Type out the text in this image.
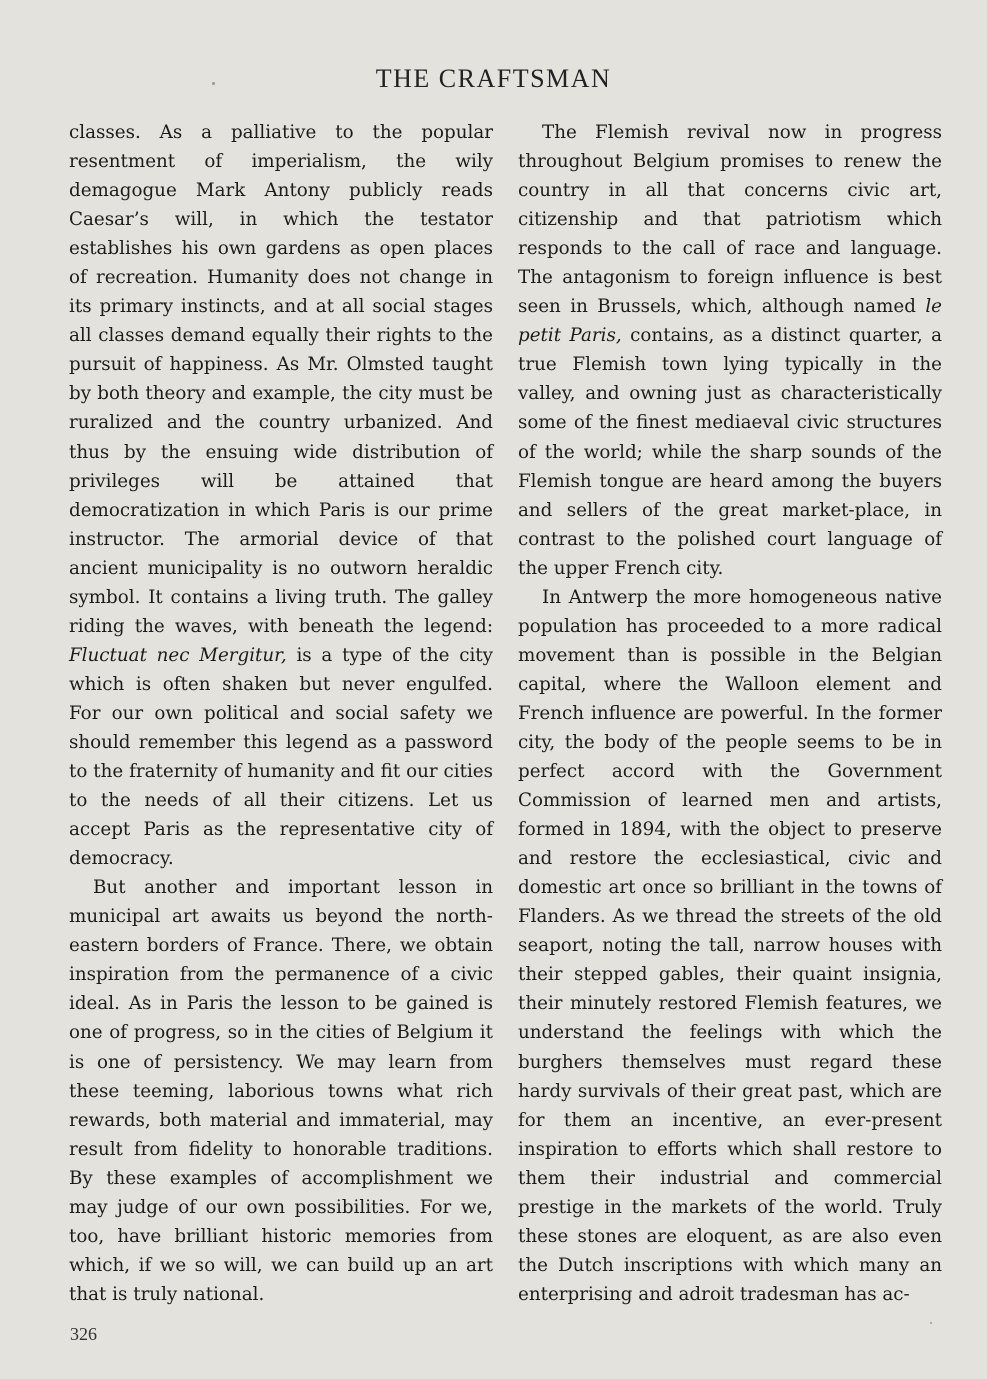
THE CRAFTSMAN

classes. As a palliative to the popular resentment of imperialism, the wily demagogue Mark Antony publicly reads Caesar’s will, in which the testator establishes his own gardens as open places of recreation. Humanity does not change in its primary instincts, and at all social stages all classes demand equally their rights to the pursuit of happiness. As Mr. Olmsted taught by both theory and example, the city must be ruralized and the country urbanized. And thus by the ensuing wide distribution of privileges will be attained that democratization in which Paris is our prime instructor. The armorial device of that ancient municipality is no outworn heraldic symbol. It contains a living truth. The galley riding the waves, with beneath the legend: Fluctuat nec Mergitur, is a type of the city which is often shaken but never engulfed. For our own political and social safety we should remember this legend as a password to the fraternity of humanity and fit our cities to the needs of all their citizens. Let us accept Paris as the representative city of democracy.

But another and important lesson in municipal art awaits us beyond the north-eastern borders of France. There, we obtain inspiration from the permanence of a civic ideal. As in Paris the lesson to be gained is one of progress, so in the cities of Belgium it is one of persistency. We may learn from these teeming, laborious towns what rich rewards, both material and immaterial, may result from fidelity to honorable traditions. By these examples of accomplishment we may judge of our own possibilities. For we, too, have brilliant historic memories from which, if we so will, we can build up an art that is truly national.

The Flemish revival now in progress throughout Belgium promises to renew the country in all that concerns civic art, citizenship and that patriotism which responds to the call of race and language. The antagonism to foreign influence is best seen in Brussels, which, although named le petit Paris, contains, as a distinct quarter, a true Flemish town lying typically in the valley, and owning just as characteristically some of the finest mediaeval civic structures of the world; while the sharp sounds of the Flemish tongue are heard among the buyers and sellers of the great market-place, in contrast to the polished court language of the upper French city.

In Antwerp the more homogeneous native population has proceeded to a more radical movement than is possible in the Belgian capital, where the Walloon element and French influence are powerful. In the former city, the body of the people seems to be in perfect accord with the Government Commission of learned men and artists, formed in 1894, with the object to preserve and restore the ecclesiastical, civic and domestic art once so brilliant in the towns of Flanders. As we thread the streets of the old seaport, noting the tall, narrow houses with their stepped gables, their quaint insignia, their minutely restored Flemish features, we understand the feelings with which the burghers themselves must regard these hardy survivals of their great past, which are for them an incentive, an ever-present inspiration to efforts which shall restore to them their industrial and commercial prestige in the markets of the world. Truly these stones are eloquent, as are also even the Dutch inscriptions with which many an enterprising and adroit tradesman has ac-

326
